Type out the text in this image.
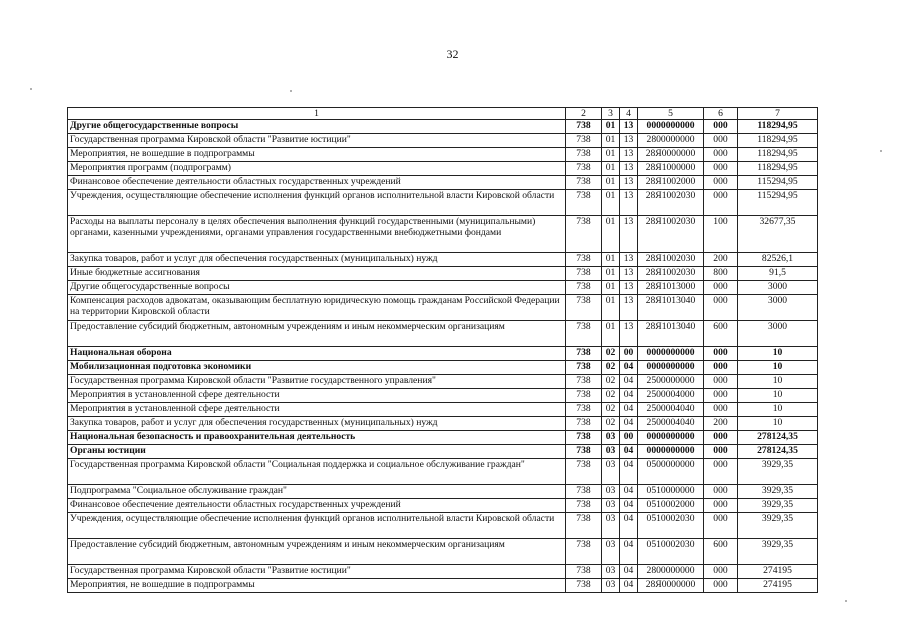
32
1	2	3	4	5	6	7
Другие общегосударственные вопросы	738	01	13	0000000000	000	118294,95
Государственная программа Кировской области "Развитие юстиции"	738	01	13	2800000000	000	118294,95
Мероприятия, не вошедшие в подпрограммы	738	01	13	28Я0000000	000	118294,95
Мероприятия программ (подпрограмм)	738	01	13	28Я1000000	000	118294,95
Финансовое обеспечение деятельности областных государственных учреждений	738	01	13	28Я1002000	000	115294,95
Учреждения, осуществляющие обеспечение исполнения функций органов исполнительной власти Кировской области	738	01	13	28Я1002030	000	115294,95
Расходы на выплаты персоналу в целях обеспечения выполнения функций государственными (муниципальными) органами, казенными учреждениями, органами управления государственными внебюджетными фондами	738	01	13	28Я1002030	100	32677,35
Закупка товаров, работ и услуг для обеспечения государственных (муниципальных) нужд	738	01	13	28Я1002030	200	82526,1
Иные бюджетные ассигнования	738	01	13	28Я1002030	800	91,5
Другие общегосударственные вопросы	738	01	13	28Я1013000	000	3000
Компенсация расходов адвокатам, оказывающим бесплатную юридическую помощь гражданам Российской Федерации на территории Кировской области	738	01	13	28Я1013040	000	3000
Предоставление субсидий бюджетным, автономным учреждениям и иным некоммерческим организациям	738	01	13	28Я1013040	600	3000
Национальная оборона	738	02	00	0000000000	000	10
Мобилизационная подготовка экономики	738	02	04	0000000000	000	10
Государственная программа Кировской области "Развитие государственного управления"	738	02	04	2500000000	000	10
Мероприятия в установленной сфере деятельности	738	02	04	2500004000	000	10
Мероприятия в установленной сфере деятельности	738	02	04	2500004040	000	10
Закупка товаров, работ и услуг для обеспечения государственных (муниципальных) нужд	738	02	04	2500004040	200	10
Национальная безопасность и правоохранительная деятельность	738	03	00	0000000000	000	278124,35
Органы юстиции	738	03	04	0000000000	000	278124,35
Государственная программа Кировской области "Социальная поддержка и социальное обслуживание граждан"	738	03	04	0500000000	000	3929,35
Подпрограмма "Социальное обслуживание граждан"	738	03	04	0510000000	000	3929,35
Финансовое обеспечение деятельности областных государственных учреждений	738	03	04	0510002000	000	3929,35
Учреждения, осуществляющие обеспечение исполнения функций органов исполнительной власти Кировской области	738	03	04	0510002030	000	3929,35
Предоставление субсидий бюджетным, автономным учреждениям и иным некоммерческим организациям	738	03	04	0510002030	600	3929,35
Государственная программа Кировской области "Развитие юстиции"	738	03	04	2800000000	000	274195
Мероприятия, не вошедшие в подпрограммы	738	03	04	28Я0000000	000	274195
